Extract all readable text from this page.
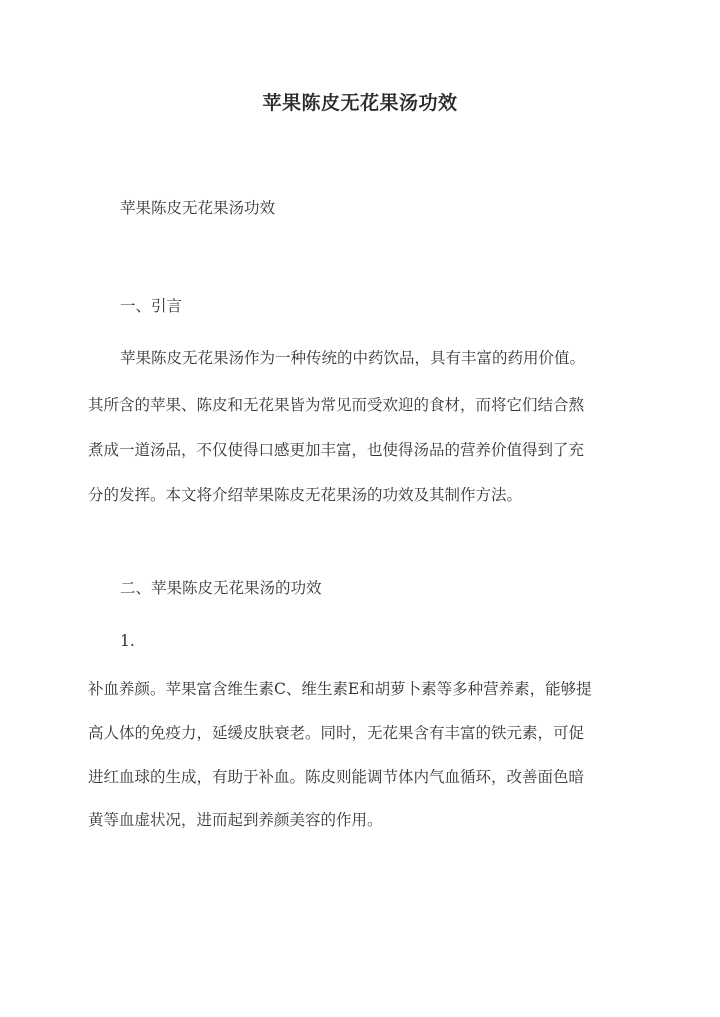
苹果陈皮无花果汤功效
苹果陈皮无花果汤功效
一、引言
苹果陈皮无花果汤作为一种传统的中药饮品，具有丰富的药用价值。
其所含的苹果、陈皮和无花果皆为常见而受欢迎的食材，而将它们结合熬
煮成一道汤品，不仅使得口感更加丰富，也使得汤品的营养价值得到了充
分的发挥。本文将介绍苹果陈皮无花果汤的功效及其制作方法。
二、苹果陈皮无花果汤的功效
1.
补血养颜。苹果富含维生素C、维生素E和胡萝卜素等多种营养素，能够提
高人体的免疫力，延缓皮肤衰老。同时，无花果含有丰富的铁元素，可促
进红血球的生成，有助于补血。陈皮则能调节体内气血循环，改善面色暗
黄等血虚状况，进而起到养颜美容的作用。
